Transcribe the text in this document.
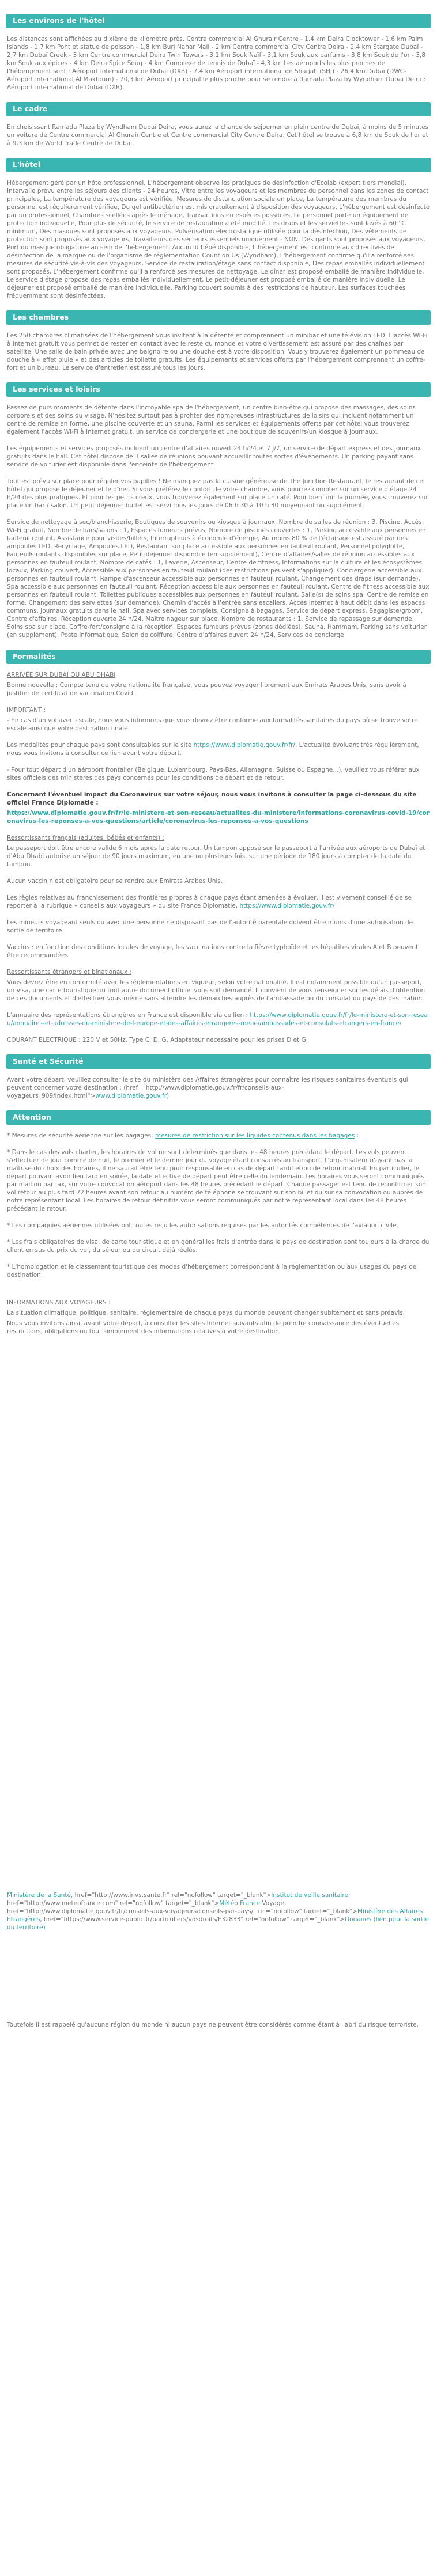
Les environs de l'hôtel

Les distances sont affichées au dixième de kilomètre près. Centre commercial Al Ghurair Centre - 1,4 km Deira Clocktower - 1,6 km Palm Islands - 1,7 km Pont et statue de poisson - 1,8 km Burj Nahar Mall - 2 km Centre commercial City Centre Deira - 2,4 km Stargate Dubaï - 2,7 km Dubaï Creek - 3 km Centre commercial Deira Twin Towers - 3,1 km Souk Naïf - 3,1 km Souk aux parfums - 3,8 km Souk de l'or - 3,8 km Souk aux épices - 4 km Deira Spice Souq - 4 km Complexe de tennis de Dubaï - 4,3 km Les aéroports les plus proches de l'hébergement sont : Aéroport international de Dubaï (DXB) - 7,4 km Aéroport international de Sharjah (SHJ) - 26,4 km Dubaï (DWC-Aéroport international Al Maktoum) - 70,3 km Aéroport principal le plus proche pour se rendre à Ramada Plaza by Wyndham Dubaï Deira : Aéroport international de Dubaï (DXB).

Le cadre

En choisissant Ramada Plaza by Wyndham Dubaï Deira, vous aurez la chance de séjourner en plein centre de Dubaï, à moins de 5 minutes en voiture de Centre commercial Al Ghurair Centre et Centre commercial City Centre Deira. Cet hôtel se trouve à 6,8 km de Souk de l'or et à 9,3 km de World Trade Centre de Dubaï.

L'hôtel

Hébergement géré par un hôte professionnel, L'hébergement observe les pratiques de désinfection d'Ecolab (expert tiers mondial), Intervalle prévu entre les séjours des clients - 24 heures, Vitre entre les voyageurs et les membres du personnel dans les zones de contact principales, La température des voyageurs est vérifiée, Mesures de distanciation sociale en place, La température des membres du personnel est régulièrement vérifiée, Du gel antibactérien est mis gratuitement à disposition des voyageurs, L'hébergement est désinfecté par un professionnel, Chambres scellées après le ménage, Transactions en espèces possibles, Le personnel porte un équipement de protection individuelle, Pour plus de sécurité, le service de restauration a été modifié, Les draps et les serviettes sont lavés à 60 °C minimum, Des masques sont proposés aux voyageurs, Pulvérisation électrostatique utilisée pour la désinfection, Des vêtements de protection sont proposés aux voyageurs, Travailleurs des secteurs essentiels uniquement - NON, Des gants sont proposés aux voyageurs, Port du masque obligatoire au sein de l'hébergement, Aucun lit bébé disponible, L'hébergement est conforme aux directives de désinfection de la marque ou de l'organisme de réglementation Count on Us (Wyndham), L'hébergement confirme qu'il a renforcé ses mesures de sécurité vis-à-vis des voyageurs, Service de restauration/étage sans contact disponible, Des repas emballés individuellement sont proposés, L'hébergement confirme qu'il a renforcé ses mesures de nettoyage, Le dîner est proposé emballé de manière individuelle, Le service d'étage propose des repas emballés individuellement, Le petit-déjeuner est proposé emballé de manière individuelle, Le déjeuner est proposé emballé de manière individuelle, Parking couvert soumis à des restrictions de hauteur, Les surfaces touchées fréquemment sont désinfectées.

Les chambres

Les 250 chambres climatisées de l'hébergement vous invitent à la détente et comprennent un minibar et une télévision LED. L'accès Wi-Fi à Internet gratuit vous permet de rester en contact avec le reste du monde et votre divertissement est assuré par des chaînes par satellite. Une salle de bain privée avec une baignoire ou une douche est à votre disposition. Vous y trouverez également un pommeau de douche à « effet pluie » et des articles de toilette gratuits. Les équipements et services offerts par l'hébergement comprennent un coffre-fort et un bureau. Le service d'entretien est assuré tous les jours.

Les services et loisirs

Passez de purs moments de détente dans l'incroyable spa de l'hébergement, un centre bien-être qui propose des massages, des soins corporels et des soins du visage. N'hésitez surtout pas à profiter des nombreuses infrastructures de loisirs qui incluent notamment un centre de remise en forme, une piscine couverte et un sauna. Parmi les services et équipements offerts par cet hôtel vous trouverez également l'accès Wi-Fi à Internet gratuit, un service de conciergerie et une boutique de souvenirs/un kiosque à journaux.

Les équipements et services proposés incluent un centre d'affaires ouvert 24 h/24 et 7 j/7, un service de départ express et des journaux gratuits dans le hall. Cet hôtel dispose de 3 salles de réunions pouvant accueillir toutes sortes d'événements. Un parking payant sans service de voiturier est disponible dans l'enceinte de l'hébergement.

Tout est prévu sur place pour régaler vos papilles ! Ne manquez pas la cuisine généreuse de The Junction Restaurant, le restaurant de cet hôtel qui propose le déjeuner et le dîner. Si vous préférez le confort de votre chambre, vous pourrez compter sur un service d'étage 24 h/24 des plus pratiques. Et pour les petits creux, vous trouverez également sur place un café. Pour bien finir la journée, vous trouverez sur place un bar / salon. Un petit déjeuner buffet est servi tous les jours de 06 h 30 à 10 h 30 moyennant un supplément.

Service de nettoyage à sec/blanchisserie, Boutiques de souvenirs ou kiosque à journaux, Nombre de salles de réunion : 3, Piscine, Accès Wi-Fi gratuit, Nombre de bars/salons : 1, Espaces fumeurs prévus, Nombre de piscines couvertes : 1, Parking accessible aux personnes en fauteuil roulant, Assistance pour visites/billets, Interrupteurs à économie d'énergie, Au moins 80 % de l'éclairage est assuré par des ampoules LED, Recyclage, Ampoules LED, Restaurant sur place accessible aux personnes en fauteuil roulant, Personnel polyglotte, Fauteuils roulants disponibles sur place, Petit-déjeuner disponible (en supplément), Centre d'affaires/salles de réunion accessibles aux personnes en fauteuil roulant, Nombre de cafés : 1, Laverie, Ascenseur, Centre de fitness, Informations sur la culture et les écosystèmes locaux, Parking couvert, Accessible aux personnes en fauteuil roulant (des restrictions peuvent s'appliquer), Conciergerie accessible aux personnes en fauteuil roulant, Rampe d'ascenseur accessible aux personnes en fauteuil roulant, Changement des draps (sur demande), Spa accessible aux personnes en fauteuil roulant, Réception accessible aux personnes en fauteuil roulant, Centre de fitness accessible aux personnes en fauteuil roulant, Toilettes publiques accessibles aux personnes en fauteuil roulant, Salle(s) de soins spa, Centre de remise en forme, Changement des serviettes (sur demande), Chemin d'accès à l'entrée sans escaliers, Accès Internet à haut débit dans les espaces communs, Journaux gratuits dans le hall, Spa avec services complets, Consigne à bagages, Service de départ express, Bagagiste/groom, Centre d'affaires, Réception ouverte 24 h/24, Maître nageur sur place, Nombre de restaurants : 1, Service de repassage sur demande, Soins spa sur place, Coffre-fort/consigne à la réception, Espaces fumeurs prévus (zones dédiées), Sauna, Hammam, Parking sans voiturier (en supplément), Poste informatique, Salon de coiffure, Centre d'affaires ouvert 24 h/24, Services de concierge

Formalités

ARRIVÉE SUR DUBAÏ OU ABU DHABI

Bonne nouvelle : Compte tenu de votre nationalité française, vous pouvez voyager librement aux Emirats Arabes Unis, sans avoir à justifier de certificat de vaccination Covid.

IMPORTANT :

- En cas d'un vol avec escale, nous vous informons que vous devrez être conforme aux formalités sanitaires du pays où se trouve votre escale ainsi que votre destination finale.

Les modalités pour chaque pays sont consultables sur le site https://www.diplomatie.gouv.fr/fr/. L'actualité évoluant très régulièrement, nous vous invitons à consulter ce lien avant votre départ.

- Pour tout départ d'un aéroport frontalier (Belgique, Luxembourg, Pays-Bas, Allemagne, Suisse ou Espagne...), veuillez vous référer aux sites officiels des ministères des pays concernés pour les conditions de départ et de retour.

Concernant l'éventuel impact du Coronavirus sur votre séjour, nous vous invitons à consulter la page ci-dessous du site officiel France Diplomatie :

https://www.diplomatie.gouv.fr/fr/le-ministere-et-son-reseau/actualites-du-ministere/informations-coronavirus-covid-19/coronavirus-les-reponses-a-vos-questions/article/coronavirus-les-reponses-a-vos-questions

Ressortissants français (adultes, bébés et enfants) :

Le passeport doit être encore valide 6 mois après la date retour. Un tampon apposé sur le passeport à l'arrivée aux aéroports de Dubaï et d'Abu Dhabi autorise un séjour de 90 jours maximum, en une ou plusieurs fois, sur une période de 180 jours à compter de la date du tampon.

Aucun vaccin n'est obligatoire pour se rendre aux Emirats Arabes Unis.

Les règles relatives au franchissement des frontières propres à chaque pays étant amenées à évoluer, il est vivement conseillé de se reporter à la rubrique « conseils aux voyageurs » du site France Diplomatie, https://www.diplomatie.gouv.fr/

Les mineurs voyageant seuls ou avec une personne ne disposant pas de l'autorité parentale doivent être munis d'une autorisation de sortie de territoire.

Vaccins : en fonction des conditions locales de voyage, les vaccinations contre la fièvre typhoïde et les hépatites virales A et B peuvent être recommandées.

Ressortissants étrangers et binationaux :

Vous devrez être en conformité avec les réglementations en vigueur, selon votre nationalité. Il est notamment possible qu'un passeport, un visa, une carte touristique ou tout autre document officiel vous soit demandé. Il convient de vous renseigner sur les délais d'obtention de ces documents et d'effectuer vous-même sans attendre les démarches auprès de l'ambassade ou du consulat du pays de destination.

L'annuaire des représentations étrangères en France est disponible via ce lien : https://www.diplomatie.gouv.fr/fr/le-ministere-et-son-reseau/annuaires-et-adresses-du-ministere-de-l-europe-et-des-affaires-etrangeres-meae/ambassades-et-consulats-etrangers-en-france/

COURANT ELECTRIQUE : 220 V et 50Hz. Type C, D, G. Adaptateur nécessaire pour les prises D et G.

Santé et Sécurité

Avant votre départ, veuillez consulter le site du ministère des Affaires étrangères pour connaître les risques sanitaires éventuels qui peuvent concerner votre destination : (href="http://www.diplomatie.gouv.fr/fr/conseils-aux-voyageurs_909/index.html">www.diplomatie.gouv.fr)

Attention

* Mesures de sécurité aérienne sur les bagages: mesures de restriction sur les liquides contenus dans les bagages :

* Dans le cas des vols charter, les horaires de vol ne sont déterminés que dans les 48 heures précédant le départ. Les vols peuvent s'effectuer de jour comme de nuit, le premier et le dernier jour du voyage étant consacrés au transport. L'organisateur n'ayant pas la maîtrise du choix des horaires, il ne saurait être tenu pour responsable en cas de départ tardif et/ou de retour matinal. En particulier, le départ pouvant avoir lieu tard en soirée, la date effective de départ peut être celle du lendemain. Les horaires vous seront communiqués par mail ou par fax, sur votre convocation aéroport dans les 48 heures précédant le départ. Chaque passager est tenu de reconfirmer son vol retour au plus tard 72 heures avant son retour au numéro de téléphone se trouvant sur son billet ou sur sa convocation ou auprès de notre représentant local. Les horaires de retour définitifs vous seront communiqués par notre représentant local dans les 48 heures précédant le retour.

* Les compagnies aériennes utilisées ont toutes reçu les autorisations requises par les autorités compétentes de l'aviation civile.

* Les frais obligatoires de visa, de carte touristique et en général les frais d'entrée dans le pays de destination sont toujours à la charge du client en sus du prix du vol, du séjour ou du circuit déjà réglés.

* L'homologation et le classement touristique des modes d'hébergement correspondent à la réglementation ou aux usages du pays de destination.

INFORMATIONS AUX VOYAGEURS :

La situation climatique, politique, sanitaire, réglementaire de chaque pays du monde peuvent changer subitement et sans préavis.

Nous vous invitons ainsi, avant votre départ, à consulter les sites Internet suivants afin de prendre connaissance des éventuelles restrictions, obligations ou tout simplement des informations relatives à votre destination.

Ministère de la Santé, href="http://www.invs.sante.fr" rel="nofollow" target="_blank">Institut de veille sanitaire, href="http://www.meteofrance.com" rel="nofollow" target="_blank">Météo France Voyage, href="http://www.diplomatie.gouv.fr/fr/conseils-aux-voyageurs/conseils-par-pays/" rel="nofollow" target="_blank">Ministère des Affaires Étrangères, href="https://www.service-public.fr/particuliers/vosdroits/F32833" rel="nofollow" target="_blank">Douanes (lien pour la sortie du territoire)

Toutefois il est rappelé qu'aucune région du monde ni aucun pays ne peuvent être considérés comme étant à l'abri du risque terroriste.
